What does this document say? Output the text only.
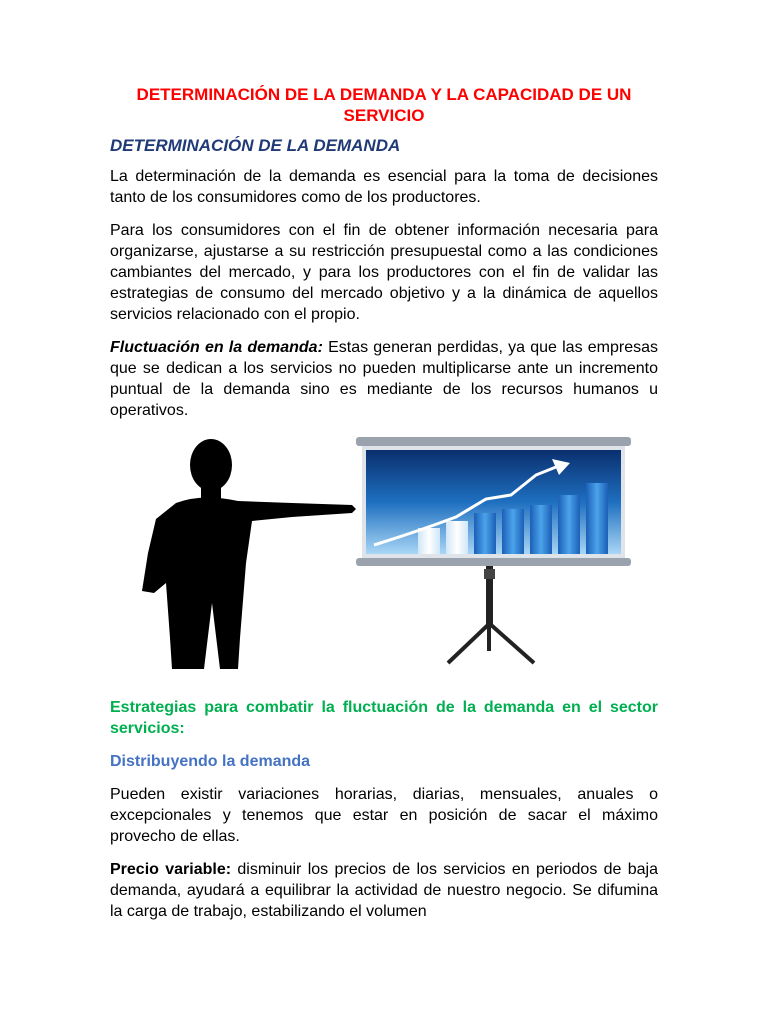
DETERMINACIÓN DE LA DEMANDA Y LA CAPACIDAD DE UN SERVICIO
DETERMINACIÓN DE LA DEMANDA

La determinación de la demanda es esencial para la toma de decisiones tanto de los consumidores como de los productores.

Para los consumidores con el fin de obtener información necesaria para organizarse, ajustarse a su restricción presupuestal como a las condiciones cambiantes del mercado, y para los productores con el fin de validar las estrategias de consumo del mercado objetivo y a la dinámica de aquellos servicios relacionado con el propio.

Fluctuación en la demanda: Estas generan perdidas, ya que las empresas que se dedican a los servicios no pueden multiplicarse ante un incremento puntual de la demanda sino es mediante de los recursos humanos u operativos.

Estrategias para combatir la fluctuación de la demanda en el sector servicios:

Distribuyendo la demanda

Pueden existir variaciones horarias, diarias, mensuales, anuales o excepcionales y tenemos que estar en posición de sacar el máximo provecho de ellas.

Precio variable: disminuir los precios de los servicios en periodos de baja demanda, ayudará a equilibrar la actividad de nuestro negocio. Se difumina la carga de trabajo, estabilizando el volumen
